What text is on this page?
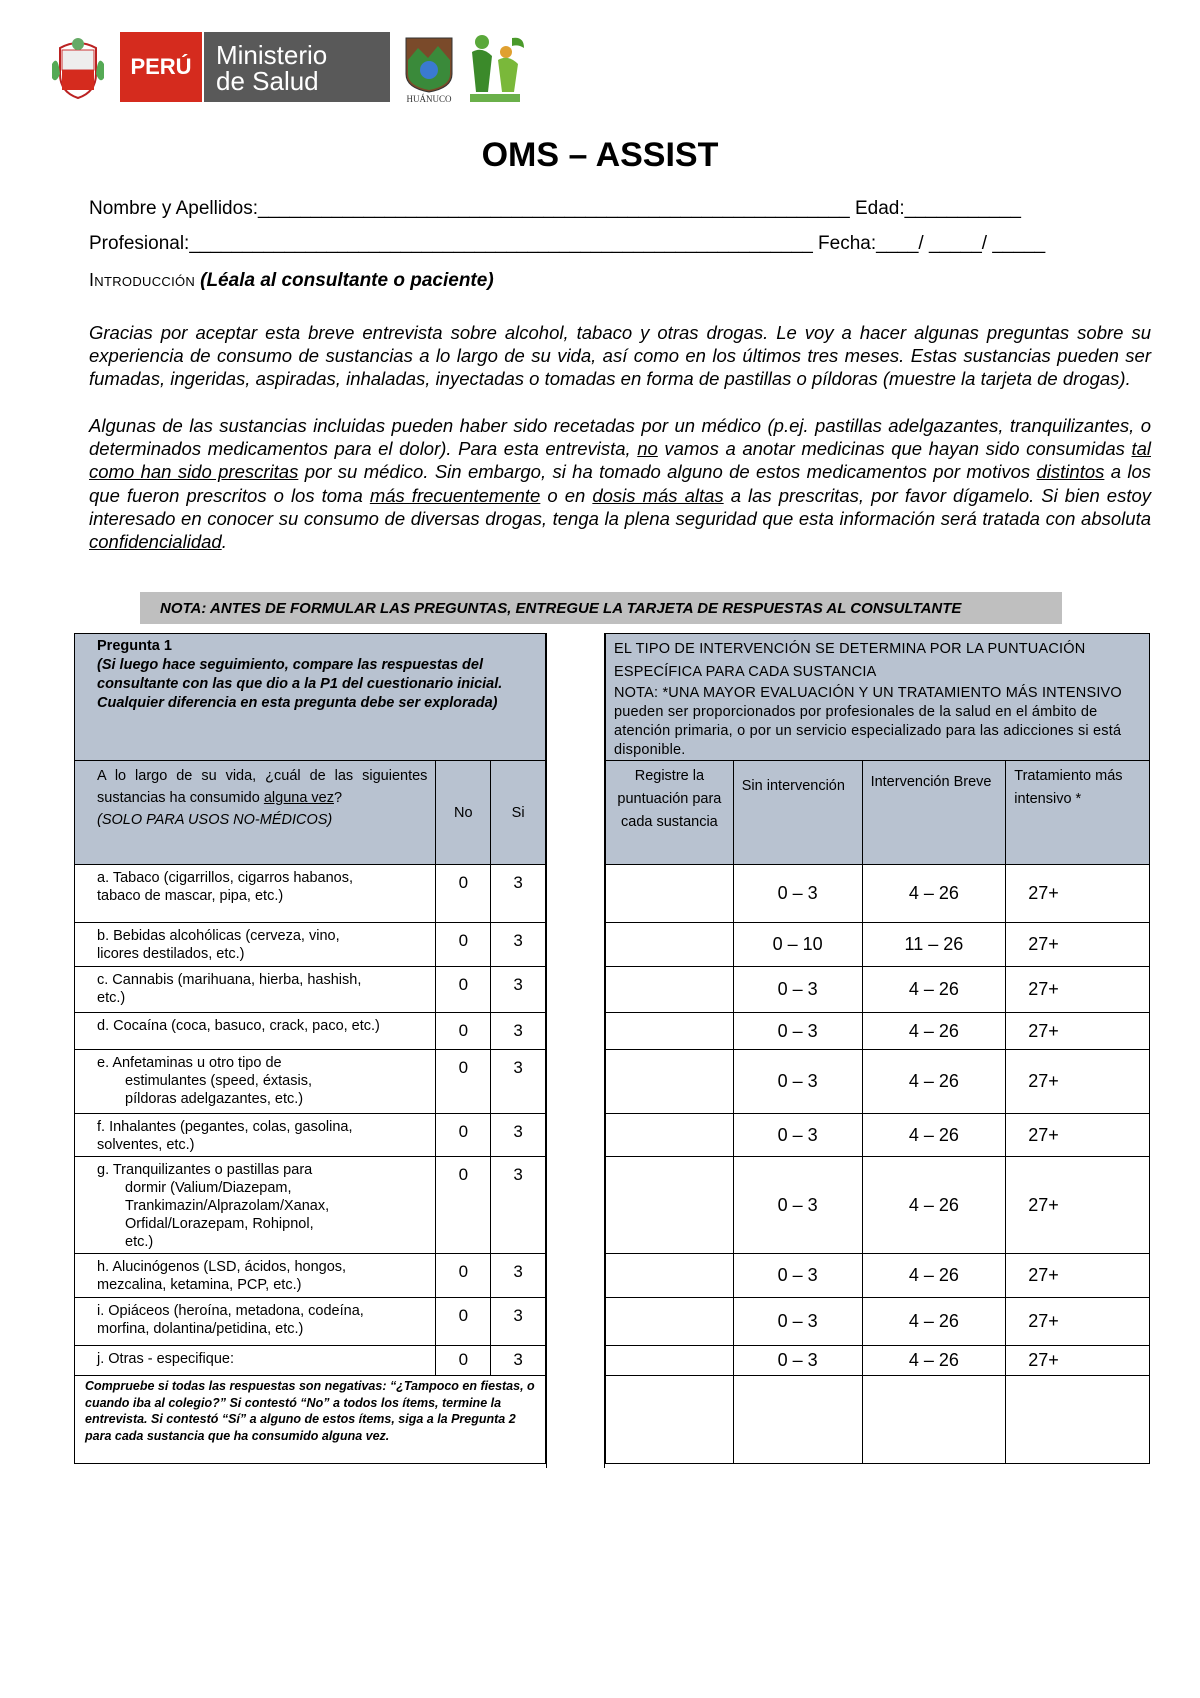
PERÚ Ministerio
de Salud
HUÁNUCO
OMS – ASSIST
Nombre y Apellidos:________________________________________________________ Edad:___________
Profesional:___________________________________________________________ Fecha:____/ _____/ _____
Introducción (Léala al consultante o paciente)
Gracias por aceptar esta breve entrevista sobre alcohol, tabaco y otras drogas. Le voy a hacer algunas preguntas sobre su experiencia de consumo de sustancias a lo largo de su vida, así como en los últimos tres meses. Estas sustancias pueden ser fumadas, ingeridas, aspiradas, inhaladas, inyectadas o tomadas en forma de pastillas o píldoras (muestre la tarjeta de drogas).
Algunas de las sustancias incluidas pueden haber sido recetadas por un médico (p.ej. pastillas adelgazantes, tranquilizantes, o determinados medicamentos para el dolor). Para esta entrevista, no vamos a anotar medicinas que hayan sido consumidas tal como han sido prescritas por su médico. Sin embargo, si ha tomado alguno de estos medicamentos por motivos distintos a los que fueron prescritos o los toma más frecuentemente o en dosis más altas a las prescritas, por favor dígamelo. Si bien estoy interesado en conocer su consumo de diversas drogas, tenga la plena seguridad que esta información será tratada con absoluta confidencialidad.
NOTA: ANTES DE FORMULAR LAS PREGUNTAS, ENTREGUE LA TARJETA DE RESPUESTAS AL CONSULTANTE
Pregunta 1
(Si luego hace seguimiento, compare las respuestas del consultante con las que dio a la P1 del cuestionario inicial. Cualquier diferencia en esta pregunta debe ser explorada)		

A lo largo de su vida, ¿cuál de las siguientes sustancias ha consumido alguna vez?
(SOLO PARA USOS NO-MÉDICOS)	No	Si
a. Tabaco (cigarrillos, cigarros habanos,
tabaco de mascar, pipa, etc.)	0	3
b. Bebidas alcohólicas (cerveza, vino,
licores destilados, etc.)	0	3
c. Cannabis (marihuana, hierba, hashish,
etc.)	0	3
d. Cocaína (coca, basuco, crack, paco, etc.)	0	3
e. Anfetaminas u otro tipo de
estimulantes (speed, éxtasis,
píldoras adelgazantes, etc.)	0	3
f. Inhalantes (pegantes, colas, gasolina,
solventes, etc.)	0	3
g. Tranquilizantes o pastillas para
dormir (Valium/Diazepam,
Trankimazin/Alprazolam/Xanax,
Orfidal/Lorazepam, Rohipnol,
etc.)	0	3
h. Alucinógenos (LSD, ácidos, hongos,
mezcalina, ketamina, PCP, etc.)	0	3
i. Opiáceos (heroína, metadona, codeína,
morfina, dolantina/petidina, etc.)	0	3
j. Otras - especifique:	0	3
Compruebe si todas las respuestas son negativas: “¿Tampoco en fiestas, o cuando iba al colegio?” Si contestó “No” a todos los ítems, termine la entrevista. Si contestó “Sí” a alguno de estos ítems, siga a la Pregunta 2 para cada sustancia que ha consumido alguna vez.		
EL TIPO DE INTERVENCIÓN SE DETERMINA POR LA PUNTUACIÓN ESPECÍFICA PARA CADA SUSTANCIA
NOTA: *UNA MAYOR EVALUACIÓN Y UN TRATAMIENTO MÁS INTENSIVO pueden ser proporcionados por profesionales de la salud en el ámbito de atención primaria, o por un servicio especializado para las adicciones si está disponible.			

Registre la puntuación para cada sustancia	Sin intervención	Intervención Breve	Tratamiento más intensivo *
	0 – 3	4 – 26	27+
	0 – 10	11 – 26	27+
	0 – 3	4 – 26	27+
	0 – 3	4 – 26	27+
	0 – 3	4 – 26	27+
	0 – 3	4 – 26	27+
	0 – 3	4 – 26	27+
	0 – 3	4 – 26	27+
	0 – 3	4 – 26	27+
	0 – 3	4 – 26	27+
